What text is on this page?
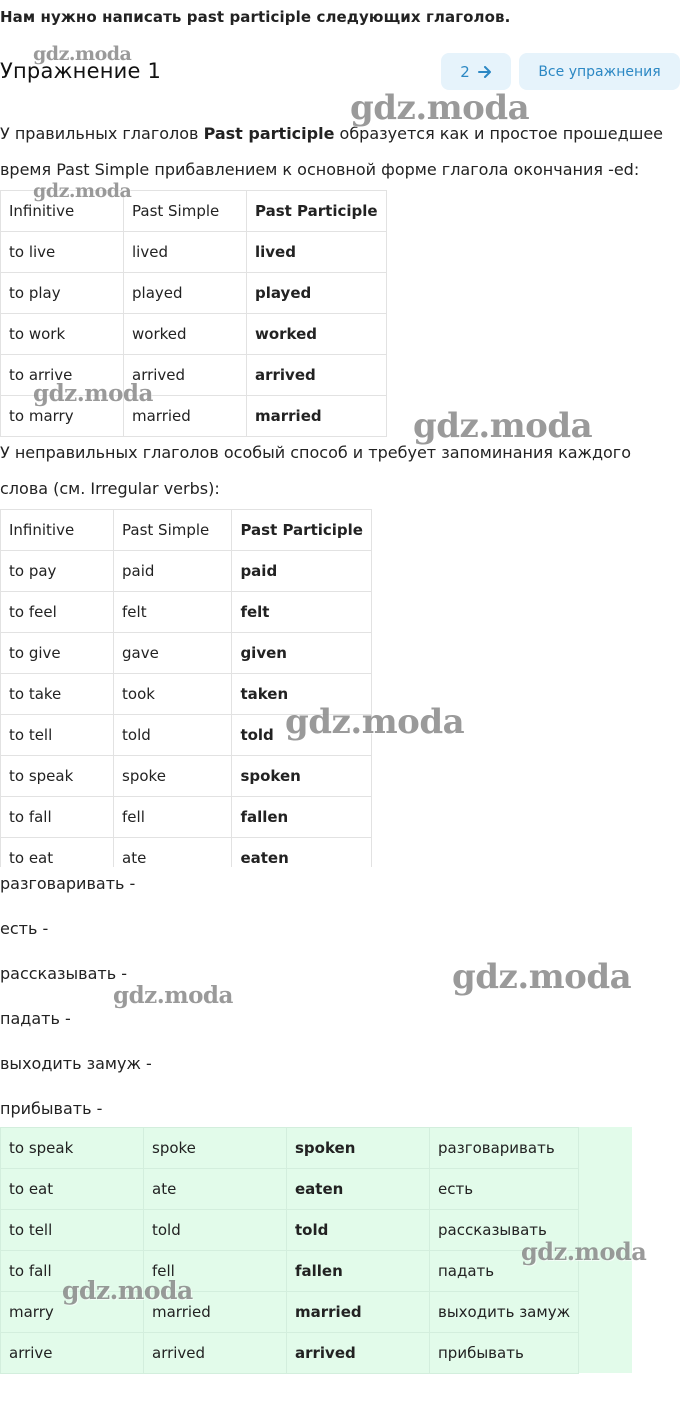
Нам нужно написать past participle следующих глаголов.
Упражнение 1	2	Все упражнения
У правильных глаголов Past participle образуется как и простое прошедшее время Past Simple прибавлением к основной форме глагола окончания -ed:
Infinitive	Past Simple	Past Participle
to live	lived	lived
to play	played	played
to work	worked	worked
to arrive	arrived	arrived
to marry	married	married
У неправильных глаголов особый способ и требует запоминания каждого слова (см. Irregular verbs):
Infinitive	Past Simple	Past Participle
to pay	paid	paid
to feel	felt	felt
to give	gave	given
to take	took	taken
to tell	told	told
to speak	spoke	spoken
to fall	fell	fallen
to eat	ate	eaten
разговаривать -
есть -
рассказывать -
падать -
выходить замуж -
прибывать -
to speak	spoke	spoken	разговаривать
to eat	ate	eaten	есть
to tell	told	told	рассказывать
to fall	fell	fallen	падать
marry	married	married	выходить замуж
arrive	arrived	arrived	прибывать
gdz.moda
gdz.moda
gdz.moda
gdz.moda
gdz.moda
gdz.moda
gdz.moda
gdz.moda
gdz.moda
gdz.moda
